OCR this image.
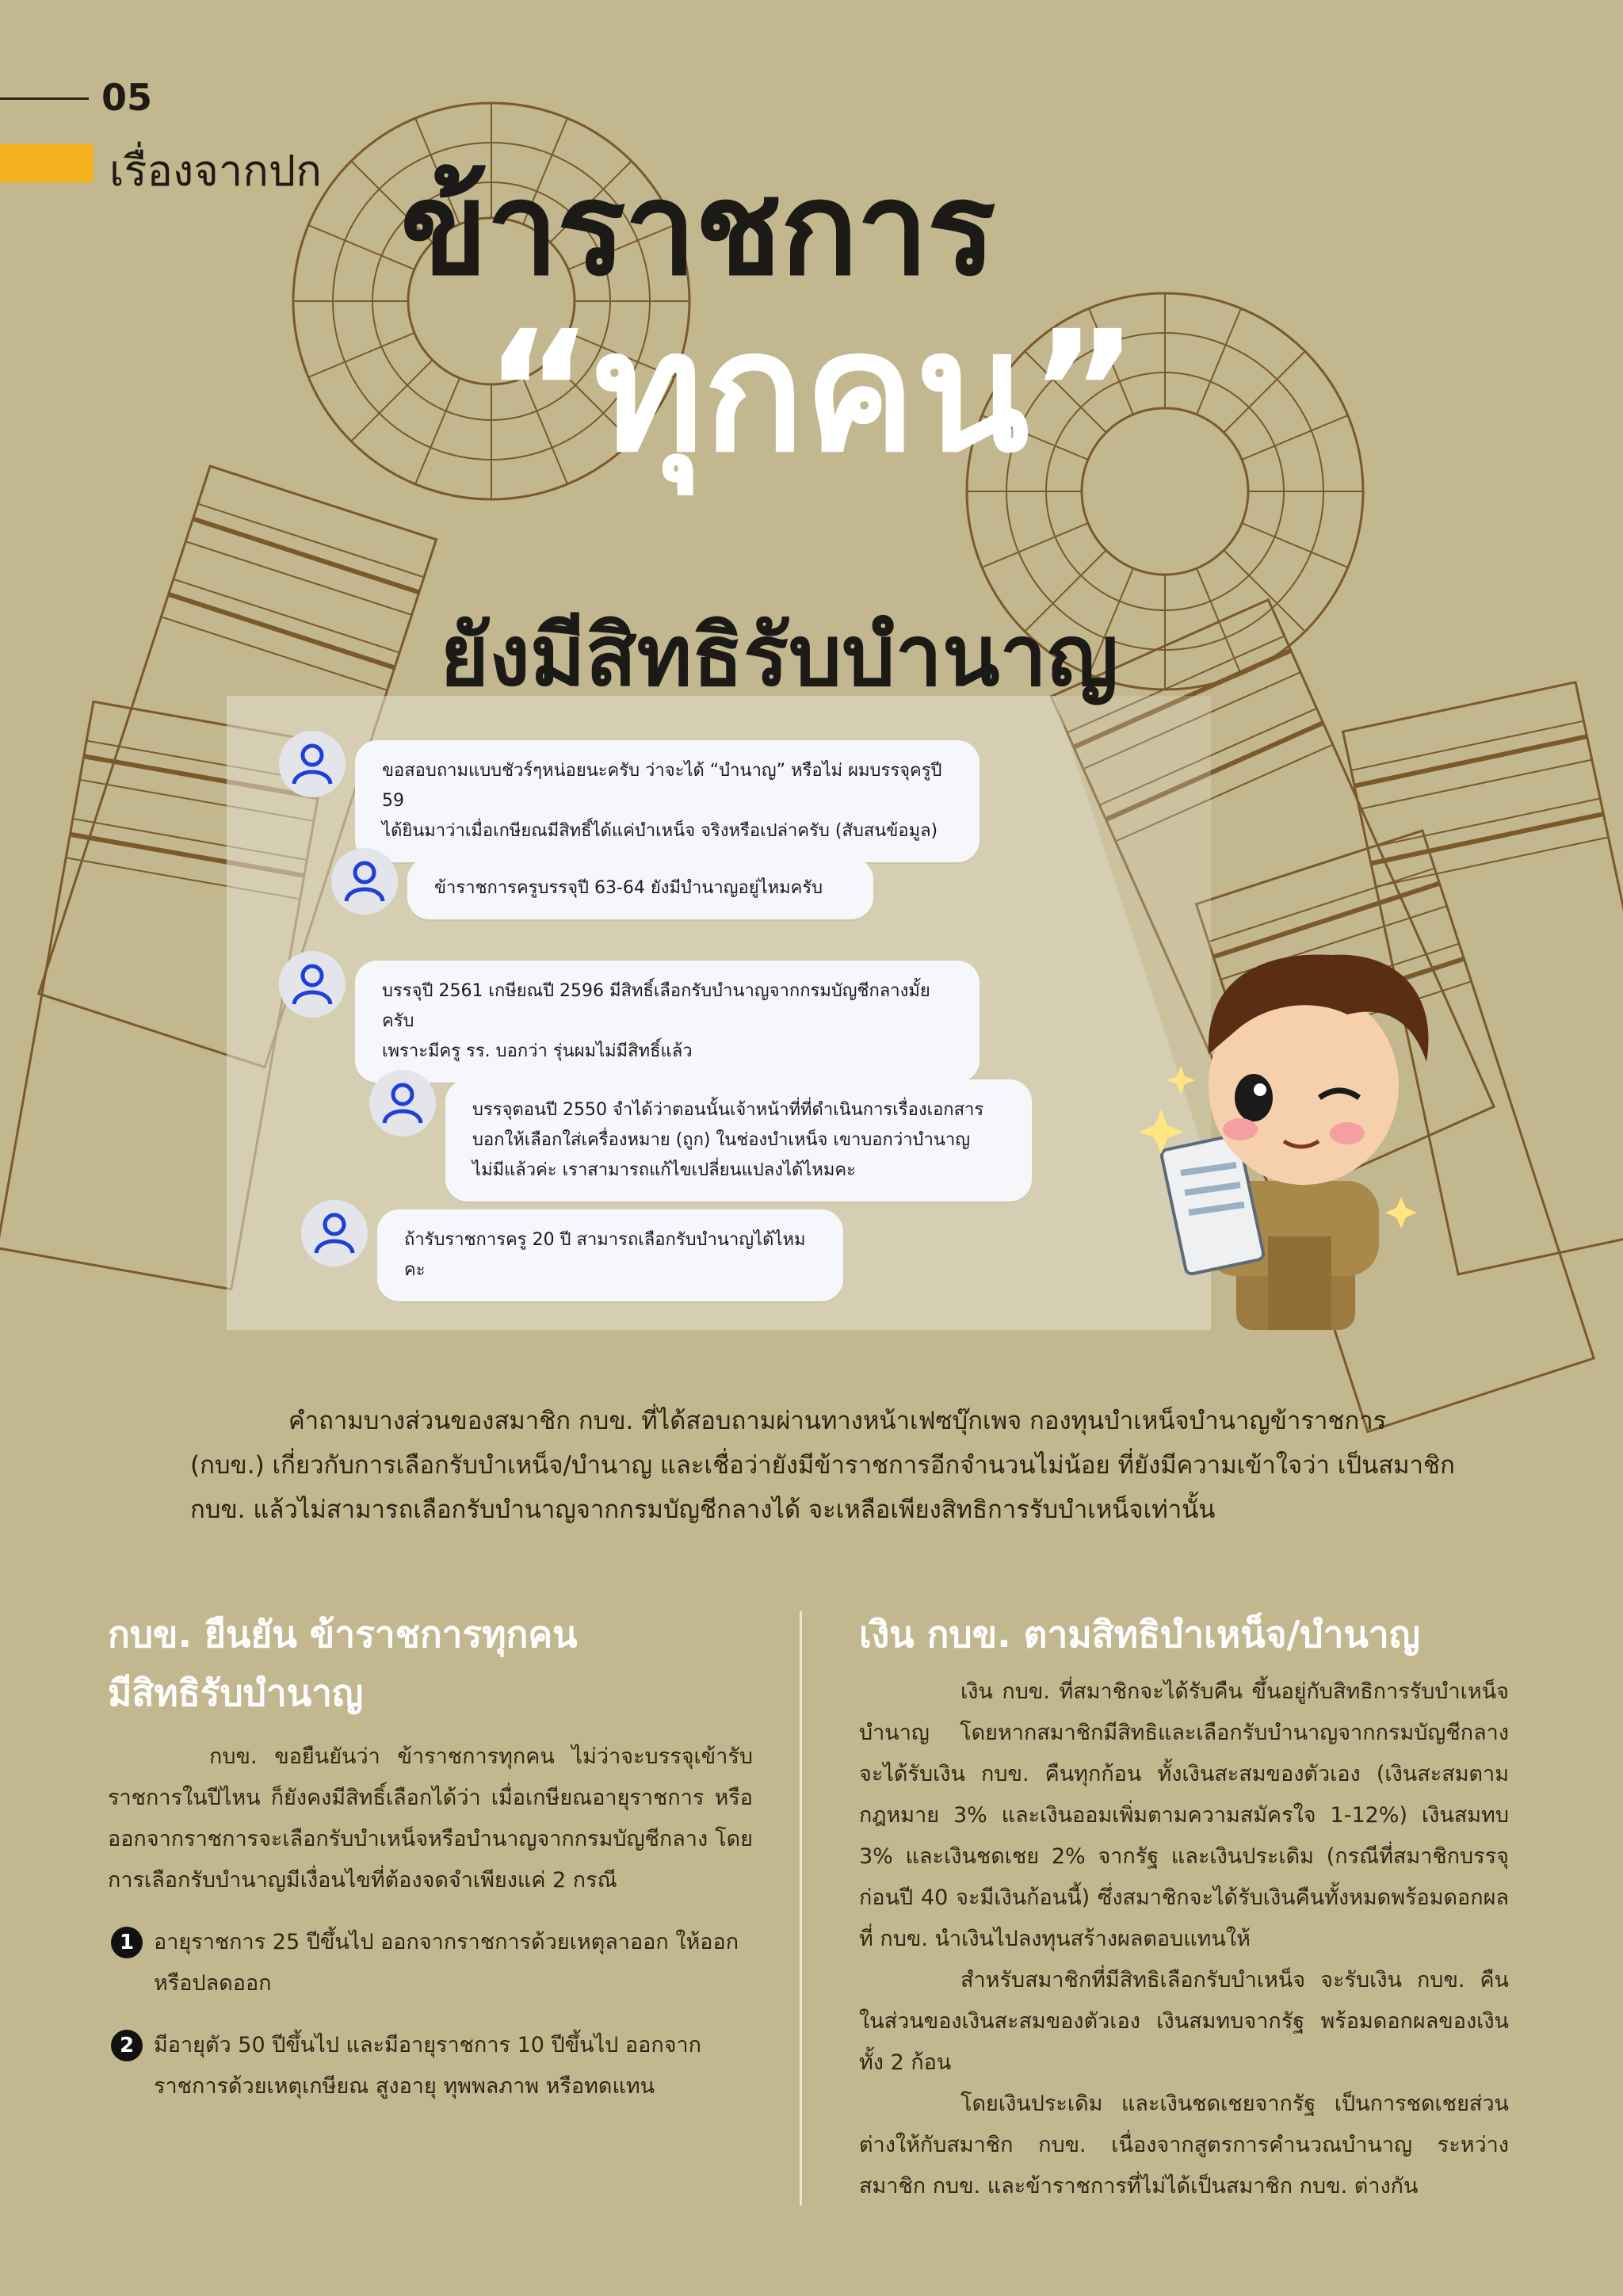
05
เรื่องจากปก ข้าราชการ
“ทุกคน”
ยังมีสิทธิรับบำนาญ
ขอสอบถามแบบชัวร์ๆหน่อยนะครับ ว่าจะได้ “บำนาญ” หรือไม่ ผมบรรจุครูปี 59
ได้ยินมาว่าเมื่อเกษียณมีสิทธิ์ได้แค่บำเหน็จ จริงหรือเปล่าครับ (สับสนข้อมูล)
ข้าราชการครูบรรจุปี 63-64 ยังมีบำนาญอยู่ไหมครับ
บรรจุปี 2561 เกษียณปี 2596 มีสิทธิ์เลือกรับบำนาญจากกรมบัญชีกลางมั้ยครับ
เพราะมีครู รร. บอกว่า รุ่นผมไม่มีสิทธิ์แล้ว
บรรจุตอนปี 2550 จำได้ว่าตอนนั้นเจ้าหน้าที่ที่ดำเนินการเรื่องเอกสาร
บอกให้เลือกใส่เครื่องหมาย (ถูก) ในช่องบำเหน็จ เขาบอกว่าบำนาญ
ไม่มีแล้วค่ะ เราสามารถแก้ไขเปลี่ยนแปลงได้ไหมคะ
ถ้ารับราชการครู 20 ปี สามารถเลือกรับบำนาญได้ไหมคะ

คำถามบางส่วนของสมาชิก กบข. ที่ได้สอบถามผ่านทางหน้าเฟซบุ๊กเพจ กองทุนบำเหน็จบำนาญข้าราชการ

(กบข.) เกี่ยวกับการเลือกรับบำเหน็จ/บำนาญ และเชื่อว่ายังมีข้าราชการอีกจำนวนไม่น้อย ที่ยังมีความเข้าใจว่า เป็นสมาชิก

กบข. แล้วไม่สามารถเลือกรับบำนาญจากกรมบัญชีกลางได้ จะเหลือเพียงสิทธิการรับบำเหน็จเท่านั้น

กบข. ยืนยัน ข้าราชการทุกคน
มีสิทธิรับบำนาญ

กบข. ขอยืนยันว่า ข้าราชการทุกคน ไม่ว่าจะบรรจุเข้ารับราชการในปีไหน ก็ยังคงมีสิทธิ์เลือกได้ว่า เมื่อเกษียณอายุราชการ หรือออกจากราชการจะเลือกรับบำเหน็จหรือบำนาญจากกรมบัญชีกลาง โดยการเลือกรับบำนาญมีเงื่อนไขที่ต้องจดจำเพียงแค่ 2 กรณี

1 อายุราชการ 25 ปีขึ้นไป ออกจากราชการด้วยเหตุลาออก ให้ออกหรือปลดออก
2 มีอายุตัว 50 ปีขึ้นไป และมีอายุราชการ 10 ปีขึ้นไป ออกจากราชการด้วยเหตุเกษียณ สูงอายุ ทุพพลภาพ หรือทดแทน
เงิน กบข. ตามสิทธิบำเหน็จ/บำนาญ

เงิน กบข. ที่สมาชิกจะได้รับคืน ขึ้นอยู่กับสิทธิการรับบำเหน็จบำนาญ โดยหากสมาชิกมีสิทธิและเลือกรับบำนาญจากกรมบัญชีกลาง จะได้รับเงิน กบข. คืนทุกก้อน ทั้งเงินสะสมของตัวเอง (เงินสะสมตามกฎหมาย 3% และเงินออมเพิ่มตามความสมัครใจ 1-12%) เงินสมทบ 3% และเงินชดเชย 2% จากรัฐ และเงินประเดิม (กรณีที่สมาชิกบรรจุก่อนปี 40 จะมีเงินก้อนนี้) ซึ่งสมาชิกจะได้รับเงินคืนทั้งหมดพร้อมดอกผลที่ กบข. นำเงินไปลงทุนสร้างผลตอบแทนให้

สำหรับสมาชิกที่มีสิทธิเลือกรับบำเหน็จ จะรับเงิน กบข. คืนในส่วนของเงินสะสมของตัวเอง เงินสมทบจากรัฐ พร้อมดอกผลของเงินทั้ง 2 ก้อน

โดยเงินประเดิม และเงินชดเชยจากรัฐ เป็นการชดเชยส่วนต่างให้กับสมาชิก กบข. เนื่องจากสูตรการคำนวณบำนาญ ระหว่างสมาชิก กบข. และข้าราชการที่ไม่ได้เป็นสมาชิก กบข. ต่างกัน
